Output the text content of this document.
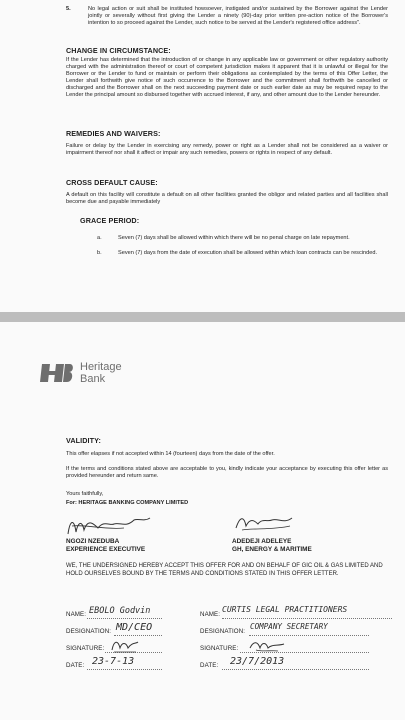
5.	No legal action or suit shall be instituted howsoever, instigated and/or sustained by the Borrower against the Lender jointly or severally without first giving the Lender a ninety (90)-day prior written pre-action notice of the Borrower's intention to so proceed against the Lender, such notice to be served at the Lender's registered office address".
CHANGE IN CIRCUMSTANCE:
If the Lender has determined that the introduction of or change in any applicable law or government or other regulatory authority charged with the administration thereof or court of competent jurisdiction makes it apparent that it is unlawful or illegal for the Borrower or the Lender to fund or maintain or perform their obligations as contemplated by the terms of this Offer Letter, the Lender shall forthwith give notice of such occurrence to the Borrower and the commitment shall forthwith be cancelled or discharged and the Borrower shall on the next succeeding payment date or such earlier date as may be required repay to the Lender the principal amount so disbursed together with accrued interest, if any, and other amount due to the Lender hereunder.
REMEDIES AND WAIVERS:
Failure or delay by the Lender in exercising any remedy, power or right as a Lender shall not be considered as a waiver or impairment thereof nor shall it affect or impair any such remedies, powers or rights in respect of any default.
CROSS DEFAULT CAUSE:
A default on this facility will constitute a default on all other facilities granted the obligor and related parties and all facilities shall become due and payable immediately
GRACE PERIOD:
a.	Seven (7) days shall be allowed within which there will be no penal charge on late repayment.
b.	Seven (7) days from the date of execution shall be allowed within which loan contracts can be rescinded.
Heritage
Bank
VALIDITY:
This offer elapses if not accepted within 14 (fourteen) days from the date of the offer.
If the terms and conditions stated above are acceptable to you, kindly indicate your acceptance by executing this offer letter as provided hereunder and return same.
Yours faithfully,
For: HERITAGE BANKING COMPANY LIMITED
NGOZI NZEDUBA
EXPERIENCE EXECUTIVE
ADEDEJI ADELEYE
GH, ENERGY & MARITIME
WE, THE UNDERSIGNED HEREBY ACCEPT THIS OFFER FOR AND ON BEHALF OF GIC OIL & GAS LIMITED AND HOLD OURSELVES BOUND BY THE TERMS AND CONDITIONS STATED IN THIS OFFER LETTER.
NAME: EBOLO Godvin
DESIGNATION: MD/CEO
SIGNATURE:
DATE: 23-7-13
NAME:
CURTIS LEGAL PRACTITIONERS
DESIGNATION:
COMPANY SECRETARY
SIGNATURE:
DATE: 23/7/2013
